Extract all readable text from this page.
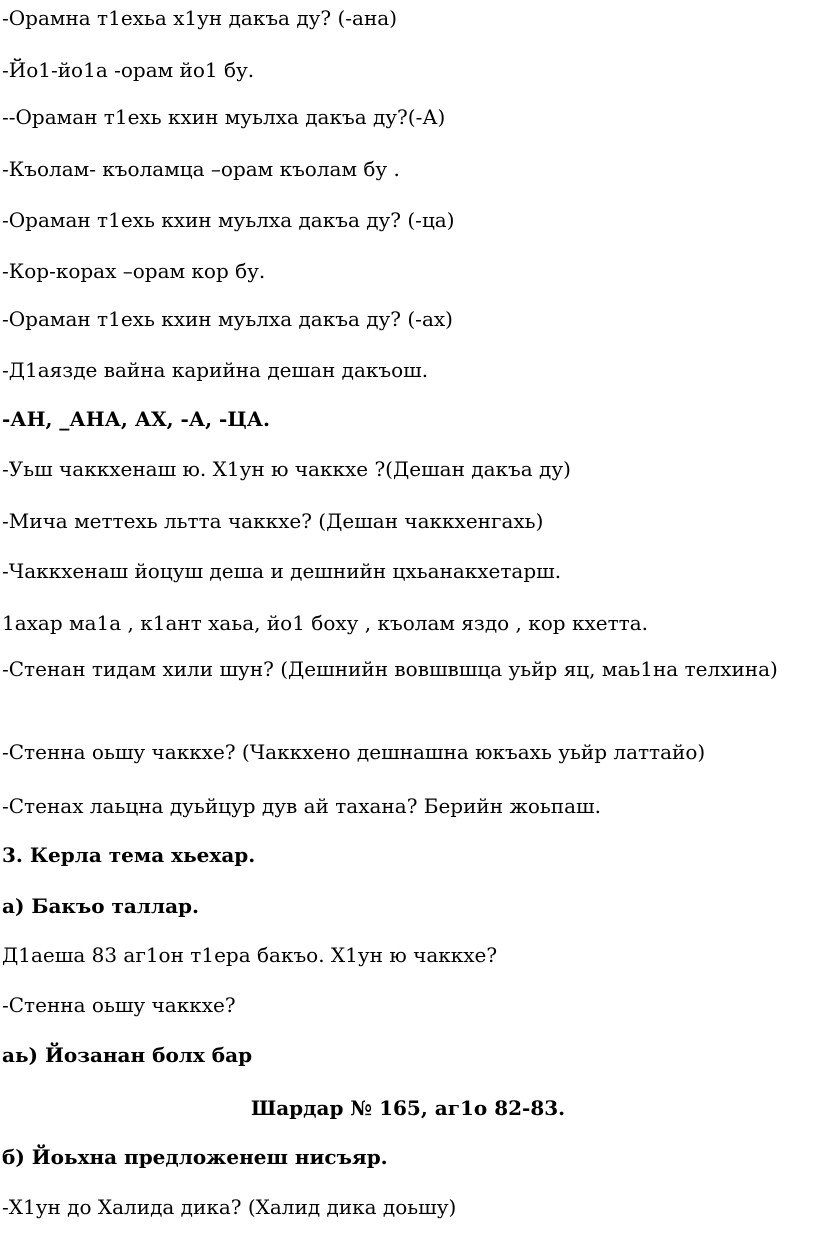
-Орамна т1ехьа х1ун дакъа ду? (-ана)
-Йо1-йо1а -орам йо1 бу.
--Ораман т1ехь кхин муьлха дакъа ду?(-А)
-Къолам- къоламца –орам къолам бу .
-Ораман т1ехь кхин муьлха дакъа ду? (-ца)
-Кор-корах –орам кор бу.
-Ораман т1ехь кхин муьлха дакъа ду? (-ах)
-Д1аязде вайна карийна дешан дакъош.
-АН, _АНА, АХ, -А, -ЦА.
-Уьш чаккхенаш ю. Х1ун ю чаккхе ?(Дешан дакъа ду)
-Мича меттехь льтта чаккхе? (Дешан чаккхенгахь)
-Чаккхенаш йоцуш деша и дешнийн цхьанакхетарш.
1ахар ма1а , к1ант хаьа, йо1 боху , къолам яздо , кор кхетта.
-Стенан тидам хили шун? (Дешнийн вовшвшца уьйр яц, маь1на телхина)
-Стенна оьшу чаккхе? (Чаккхено дешнашна юкъахь уьйр латтайо)
-Стенах лаьцна дуьйцур дув ай тахана? Берийн жоьпаш.
3. Керла тема хьехар.
а) Бакъо таллар.
Д1аеша 83 аг1он т1ера бакъо. Х1ун ю чаккхе?
-Стенна оьшу чаккхе?
аь) Йозанан болх бар
Шардар № 165, аг1о 82-83.
б) Йоьхна предложенеш нисъяр.
-Х1ун до Халида дика? (Халид дика доьшу)
